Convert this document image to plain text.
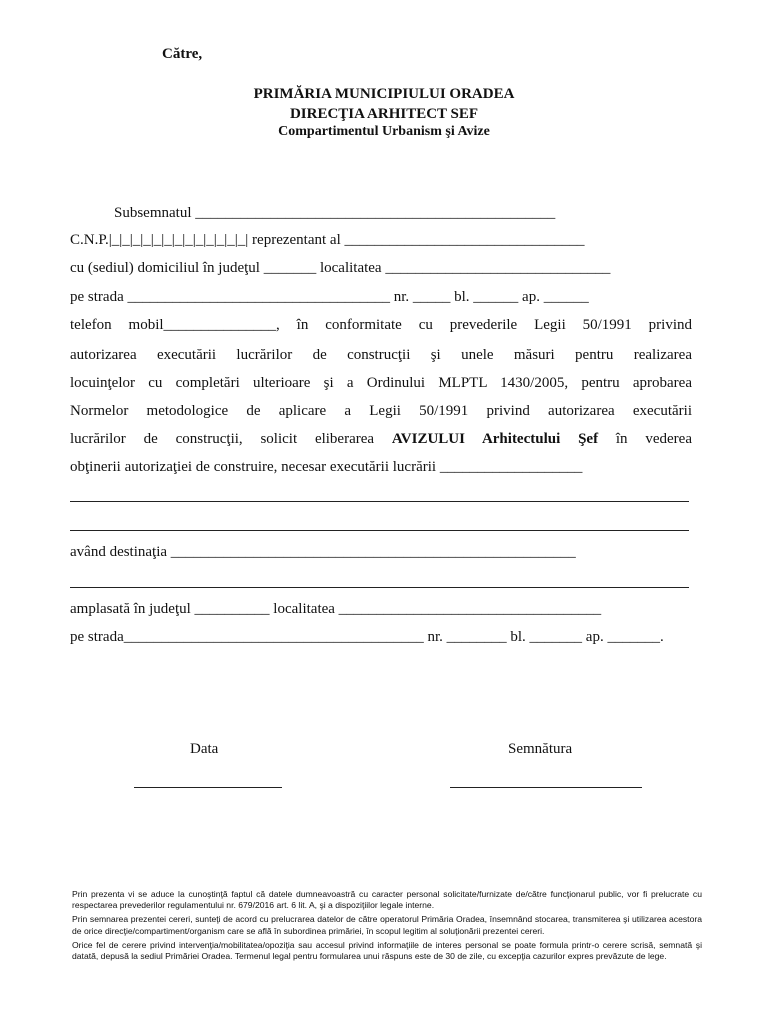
Către,
PRIMĂRIA MUNICIPIULUI ORADEA
DIRECŢIA ARHITECT SEF
Compartimentul Urbanism şi Avize
Subsemnatul ________________________________________________
C.N.P.|_|_|_|_|_|_|_|_|_|_|_|_|_| reprezentant al ________________________________
cu (sediul) domiciliul în judeţul _______ localitatea ______________________________
pe strada ___________________________________ nr. _____ bl. ______ ap. ______
telefon mobil_______________, în conformitate cu prevederile Legii 50/1991 privind
autorizarea executării lucrărilor de construcţii şi unele măsuri pentru realizarea
locuinţelor cu completări ulterioare şi a Ordinului MLPTL 1430/2005, pentru aprobarea
Normelor metodologice de aplicare a Legii 50/1991 privind autorizarea executării
lucrărilor de construcţii, solicit eliberarea AVIZULUI Arhitectului Şef în vederea
obţinerii autorizaţiei de construire, necesar executării lucrării ___________________
având destinaţia ______________________________________________________
amplasată în judeţul __________ localitatea ___________________________________
pe strada________________________________________ nr. ________ bl. _______ ap. _______.
Data	Semnătura

Prin prezenta vi se aduce la cunoştinţă faptul că datele dumneavoastră cu caracter personal solicitate/furnizate de/către funcţionarul public, vor fi prelucrate cu respectarea prevederilor regulamentului nr. 679/2016 art. 6 lit. A, şi a dispoziţiilor legale interne.

Prin semnarea prezentei cereri, sunteţi de acord cu prelucrarea datelor de către operatorul Primăria Oradea, însemnând stocarea, transmiterea şi utilizarea acestora de orice direcţie/compartiment/organism care se află în subordinea primăriei, în scopul legitim al soluţionării prezentei cereri.

Orice fel de cerere privind intervenţia/mobilitatea/opoziţia sau accesul privind informaţiile de interes personal se poate formula printr-o cerere scrisă, semnată şi datată, depusă la sediul Primăriei Oradea. Termenul legal pentru formularea unui răspuns este de 30 de zile, cu excepţia cazurilor expres prevăzute de lege.
